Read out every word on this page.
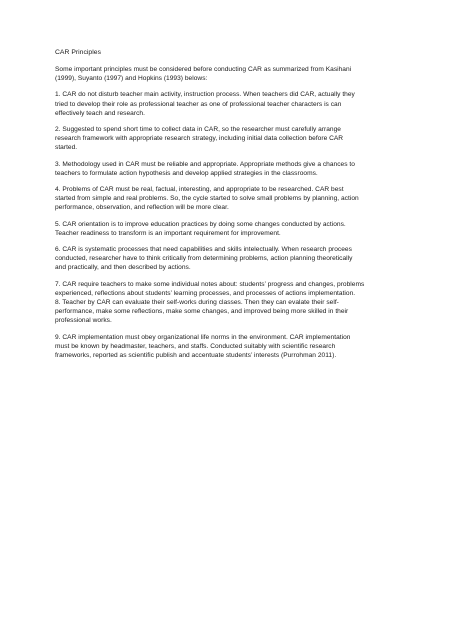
CAR Principles
Some important principles must be considered before conducting CAR as summarized from Kasihani
(1999), Suyanto (1997) and Hopkins (1993) belows:
1. CAR do not disturb teacher main activity, instruction process. When teachers did CAR, actually they
tried to develop their role as professional teacher as one of professional teacher characters is can
effectively teach and research.
2. Suggested to spend short time to collect data in CAR, so the researcher must carefully arrange
research framework with appropriate research strategy, including initial data collection before CAR
started.
3. Methodology used in CAR must be reliable and appropriate. Appropriate methods give a chances to
teachers to formulate action hypothesis and develop applied strategies in the classrooms.
4. Problems of CAR must be real, factual, interesting, and appropriate to be researched. CAR best
started from simple and real problems. So, the cycle started to solve small problems by planning, action
performance, observation, and reflection will be more clear.
5. CAR orientation is to improve education practices by doing some changes conducted by actions.
Teacher readiness to transform is an important requirement for improvement.
6. CAR is systematic processes that need capabilities and skills intelectually. When research procees
conducted, researcher have to think critically from determining problems, action planning theoretically
and practically, and then described by actions.
7. CAR require teachers to make some individual notes about: students’ progress and changes, problems
experienced, reflections about students’ learning processes, and processes of actions implementation.
8. Teacher by CAR can evaluate their self-works during classes. Then they can evalate their self-
performance, make some reflections, make some changes, and improved being more skilled in their
professional works.
9. CAR implementation must obey organizational life norms in the environment. CAR implementation
must be known by headmaster, teachers, and staffs. Conducted suitably with scientific research
frameworks, reported as scientific publish and accentuate students’ interests (Purrohman 2011).
